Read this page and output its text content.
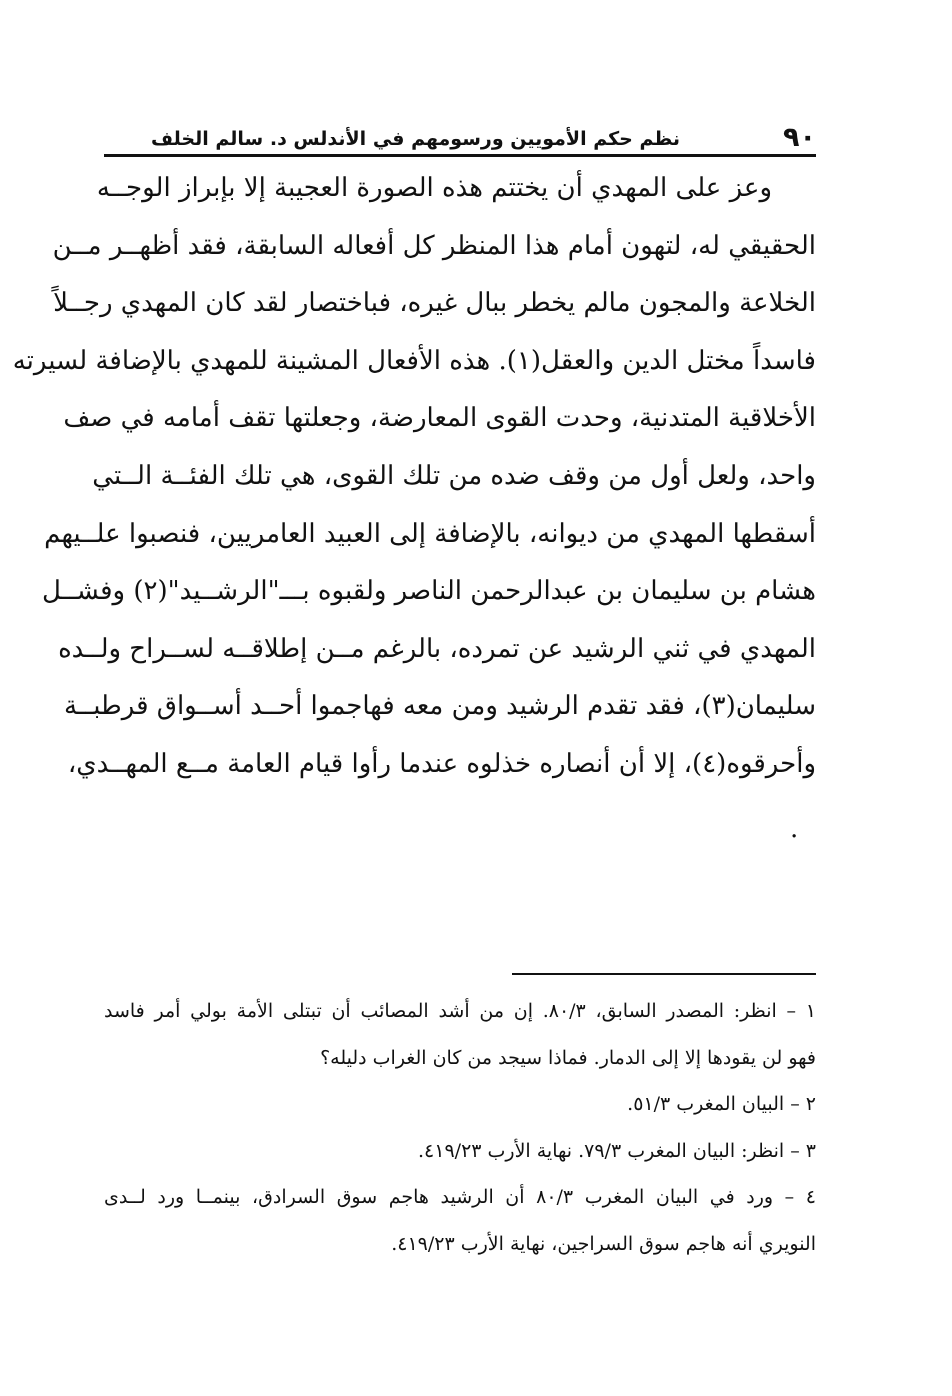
٩٠
نظم حكم الأمويين ورسومهم في الأندلس د. سالم الخلف
وعز على المهدي أن يختتم هذه الصورة العجيبة إلا بإبراز الوجــه
الحقيقي له، لتهون أمام هذا المنظر كل أفعاله السابقة، فقد أظهــر مــن
الخلاعة والمجون مالم يخطر ببال غيره، فباختصار لقد كان المهدي رجــلاً
فاسداً مختل الدين والعقل(١). هذه الأفعال المشينة للمهدي بالإضافة لسيرته
الأخلاقية المتدنية، وحدت القوى المعارضة، وجعلتها تقف أمامه في صف
واحد، ولعل أول من وقف ضده من تلك القوى، هي تلك الفئــة الــتي
أسقطها المهدي من ديوانه، بالإضافة إلى العبيد العامريين، فنصبوا علــيهم
هشام بن سليمان بن عبدالرحمن الناصر ولقبوه بـــ"الرشــيد"(٢) وفشــل
المهدي في ثني الرشيد عن تمرده، بالرغم مــن إطلاقــه لســراح ولــده
سليمان(٣)، فقد تقدم الرشيد ومن معه فهاجموا أحــد أســواق قرطبــة
وأحرقوه(٤)، إلا أن أنصاره خذلوه عندما رأوا قيام العامة مــع المهــدي،
.
١ – انظر: المصدر السابق، ٨٠/٣. إن من أشد المصائب أن تبتلى الأمة بولي أمر فاسد
فهو لن يقودها إلا إلى الدمار. فماذا سيجد من كان الغراب دليله؟
٢ – البيان المغرب ٥١/٣.
٣ – انظر: البيان المغرب ٧٩/٣. نهاية الأرب ٤١٩/٢٣.
٤ – ورد في البيان المغرب ٨٠/٣ أن الرشيد هاجم سوق السرادق، بينمــا ورد لــدى
النويري أنه هاجم سوق السراجين، نهاية الأرب ٤١٩/٢٣.
